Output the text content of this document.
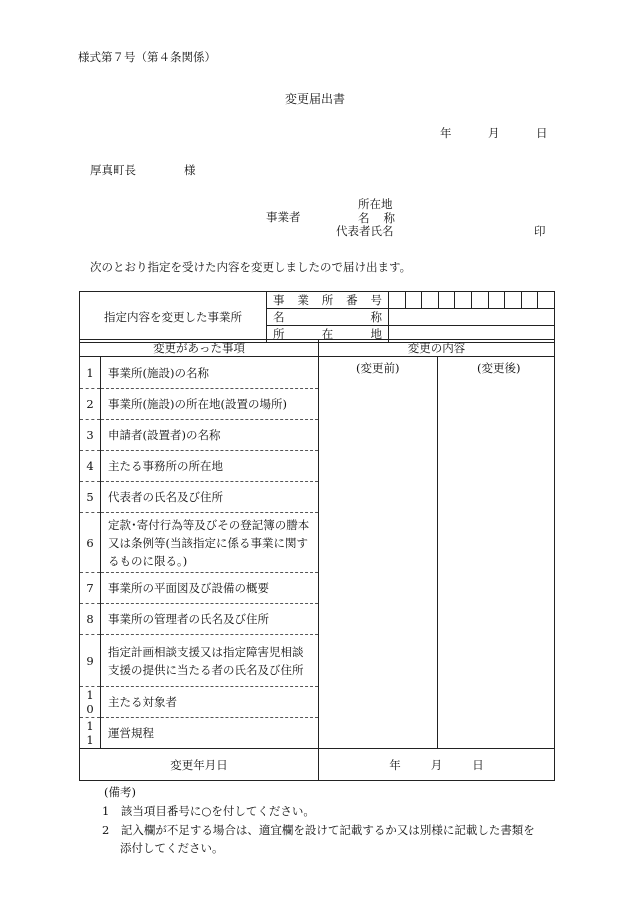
様式第７号（第４条関係）
変更届出書
年	月	日
厚真町長	様
事業者
所在地
名 称
代表者氏名	印
次のとおり指定を受けた内容を変更しましたので届け出ます。
指定内容を変更した事業所	事 業 所 番 号										

	名 称										

	所 在 地										

変更があった事項		変更の内容
1	事業所(施設)の名称	(変更前) (変更後)

2	事業所(施設)の所在地(設置の場所)	
3	申請者(設置者)の名称	
4	主たる事務所の所在地	
5	代表者の氏名及び住所	
6	定款･寄付行為等及びその登記簿の謄本又は条例等(当該指定に係る事業に関するものに限る。)	
7	事業所の平面図及び設備の概要	
8	事業所の管理者の氏名及び住所	
9	指定計画相談支援又は指定障害児相談支援の提供に当たる者の氏名及び住所	
1
0	主たる対象者	
1
1	運営規程	
変更年月日		年 月 日
(備考)
1　該当項目番号に○を付してください。
2　記入欄が不足する場合は、適宜欄を設けて記載するか又は別様に記載した書類を
添付してください。
